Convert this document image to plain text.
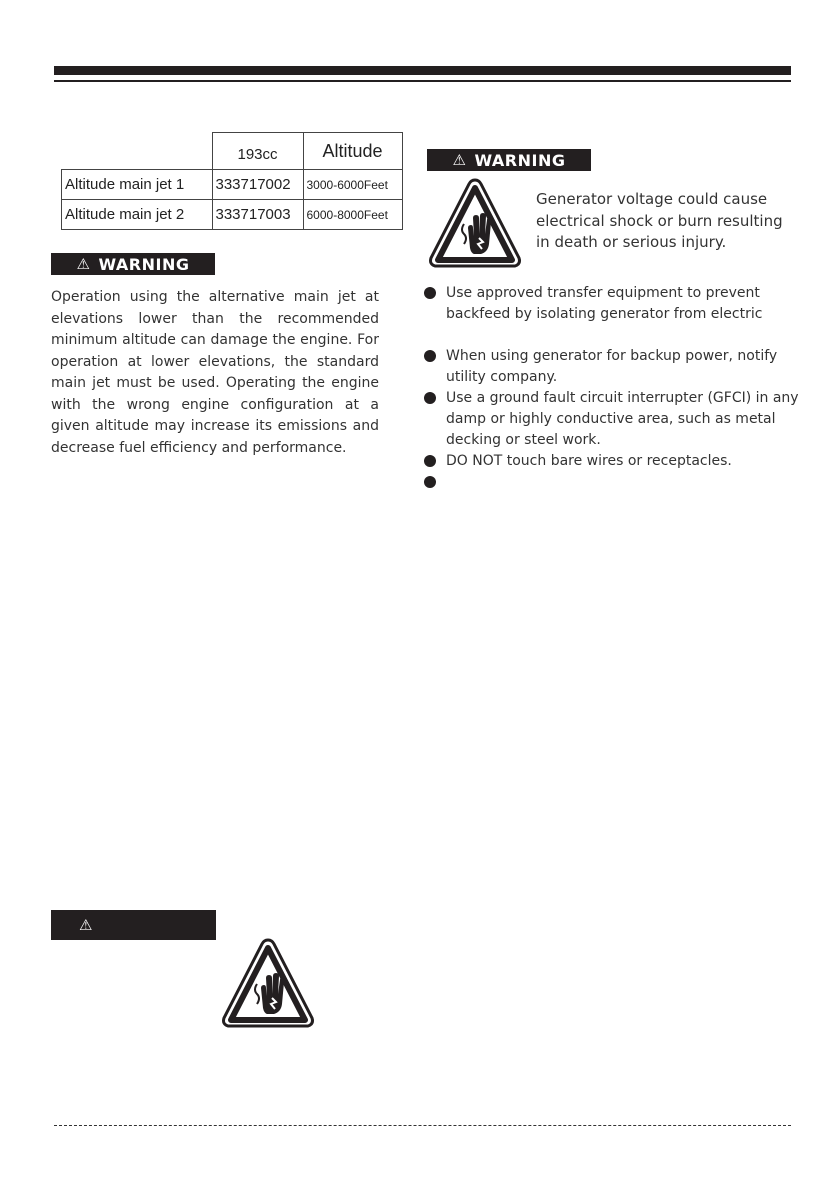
	193cc	Altitude
Altitude main jet 1	333717002	3000-6000Feet
Altitude main jet 2	333717003	6000-8000Feet
⚠ WARNING

Operation using the alternative main jet at elevations lower than the recommended minimum altitude can damage the engine. For operation at lower elevations, the standard main jet must be used. Operating the engine with the wrong engine configuration at a given altitude may increase its emissions and decrease fuel efficiency and performance.

⚠ WARNING
Generator voltage could cause electrical shock or burn resulting in death or serious injury.
Use approved transfer equipment to prevent backfeed by isolating generator from electric
When using generator for backup power, notify utility company.
Use a ground fault circuit interrupter (GFCI) in any damp or highly conductive area, such as metal decking or steel work.
DO NOT touch bare wires or receptacles.

⚠
